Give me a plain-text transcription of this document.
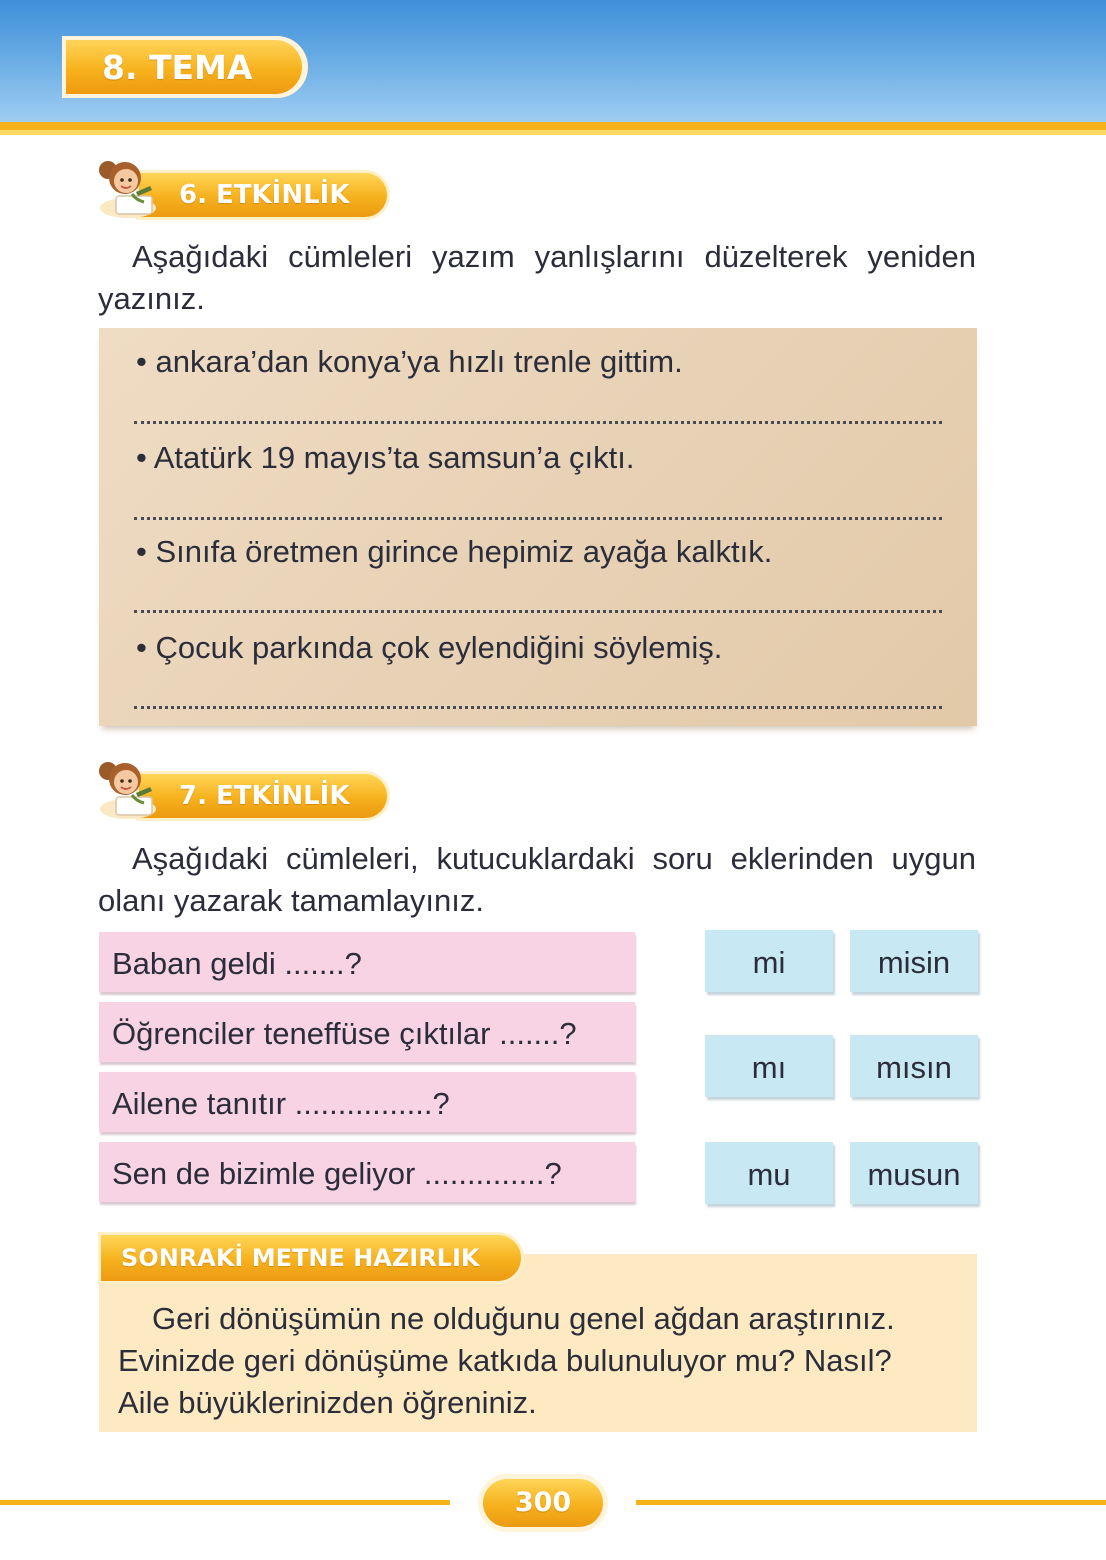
8. TEMA
6. ETKİNLİK
Aşağıdaki cümleleri yazım yanlışlarını düzelterek yeniden
yazınız.
• ankara’dan konya’ya hızlı trenle gittim.
• Atatürk 19 mayıs’ta samsun’a çıktı.
• Sınıfa öretmen girince hepimiz ayağa kalktık.
• Çocuk parkında çok eylendiğini söylemiş.
7. ETKİNLİK
Aşağıdaki cümleleri, kutucuklardaki soru eklerinden uygun
olanı yazarak tamamlayınız.
Baban geldi .......?
Öğrenciler teneffüse çıktılar .......?
Ailene tanıtır ................?
Sen de bizimle geliyor ..............?
mi	misin
mı	mısın
mu	musun
SONRAKİ METNE HAZIRLIK
Geri dönüşümün ne olduğunu genel ağdan araştırınız.
Evinizde geri dönüşüme katkıda bulunuluyor mu? Nasıl?
Aile büyüklerinizden öğreniniz.
300
